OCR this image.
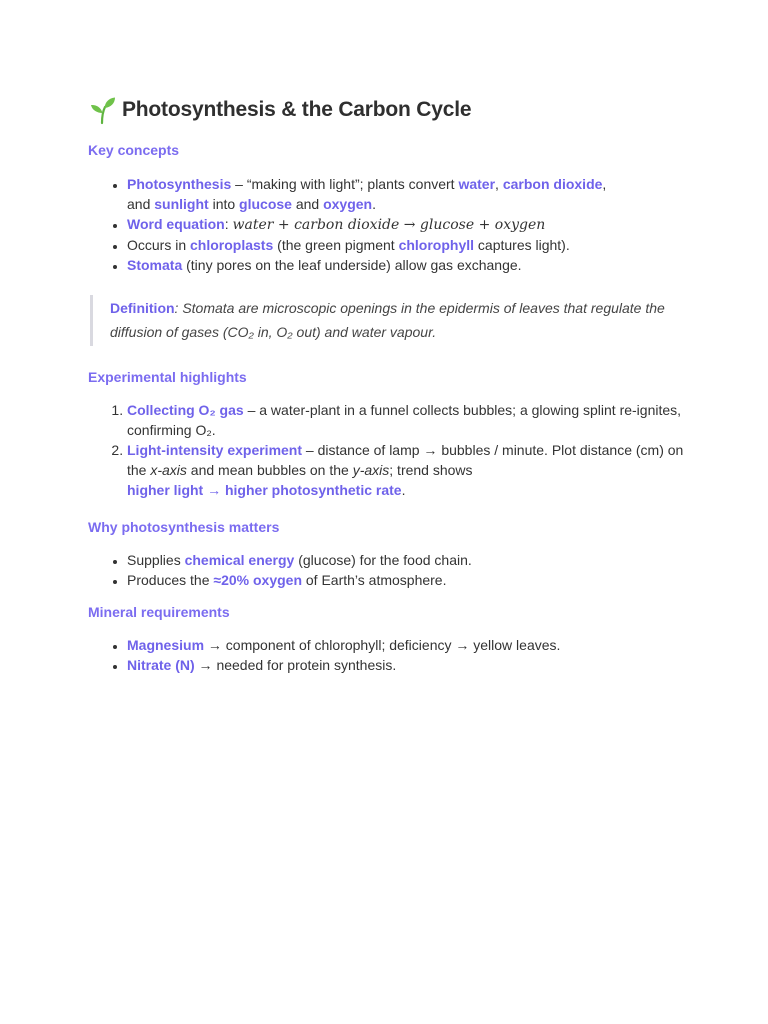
Photosynthesis & the Carbon Cycle
Key concepts
• Photosynthesis – “making with light”; plants convert water, carbon dioxide,
and sunlight into glucose and oxygen.
• Word equation: water + carbon dioxide → glucose + oxygen
• Occurs in chloroplasts (the green pigment chlorophyll captures light).
• Stomata (tiny pores on the leaf underside) allow gas exchange.
Definition: Stomata are microscopic openings in the epidermis of leaves that regulate the diffusion of gases (CO₂ in, O₂ out) and water vapour.
Experimental highlights
1. Collecting O₂ gas – a water-plant in a funnel collects bubbles; a glowing splint re-ignites, confirming O₂.
2. Light-intensity experiment – distance of lamp → bubbles / minute. Plot distance (cm) on the x-axis and mean bubbles on the y-axis; trend shows
higher light → higher photosynthetic rate.
Why photosynthesis matters
• Supplies chemical energy (glucose) for the food chain.
• Produces the ≈20% oxygen of Earth’s atmosphere.
Mineral requirements
• Magnesium → component of chlorophyll; deficiency → yellow leaves.
• Nitrate (N) → needed for protein synthesis.
